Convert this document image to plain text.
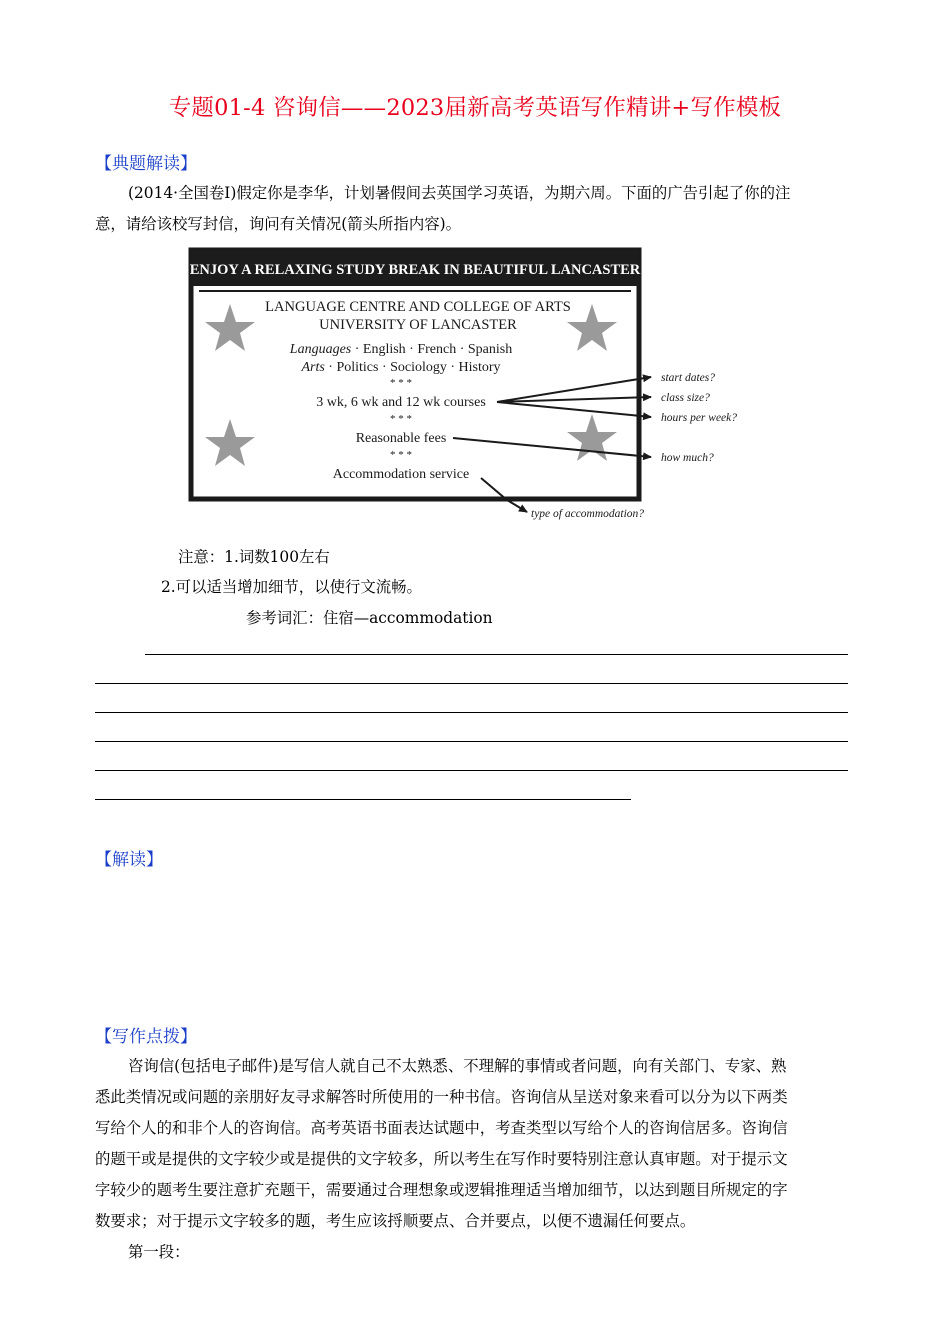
专题01-4 咨询信——2023届新高考英语写作精讲+写作模板
【典题解读】
(2014·全国卷I)假定你是李华，计划暑假间去英国学习英语，为期六周。下面的广告引起了你的注
意，请给该校写封信，询问有关情况(箭头所指内容)。
ENJOY A RELAXING STUDY BREAK IN BEAUTIFUL LANCASTER
LANGUAGE CENTRE AND COLLEGE OF ARTS
UNIVERSITY OF LANCASTER
Languages · English · French · Spanish
Arts · Politics · Sociology · History
* * *
3 wk, 6 wk and 12 wk courses
* * *
Reasonable fees
* * *
Accommodation service
start dates?
class size?
hours per week?
how much?
type of accommodation?
注意：1.词数100左右
2.可以适当增加细节，以使行文流畅。
参考词汇：住宿—accommodation
【解读】
【写作点拨】
咨询信(包括电子邮件)是写信人就自己不太熟悉、不理解的事情或者问题，向有关部门、专家、熟
悉此类情况或问题的亲朋好友寻求解答时所使用的一种书信。咨询信从呈送对象来看可以分为以下两类
写给个人的和非个人的咨询信。高考英语书面表达试题中，考查类型以写给个人的咨询信居多。咨询信
的题干或是提供的文字较少或是提供的文字较多，所以考生在写作时要特别注意认真审题。对于提示文
字较少的题考生要注意扩充题干，需要通过合理想象或逻辑推理适当增加细节，以达到题目所规定的字
数要求；对于提示文字较多的题，考生应该捋顺要点、合并要点，以便不遗漏任何要点。
第一段：
